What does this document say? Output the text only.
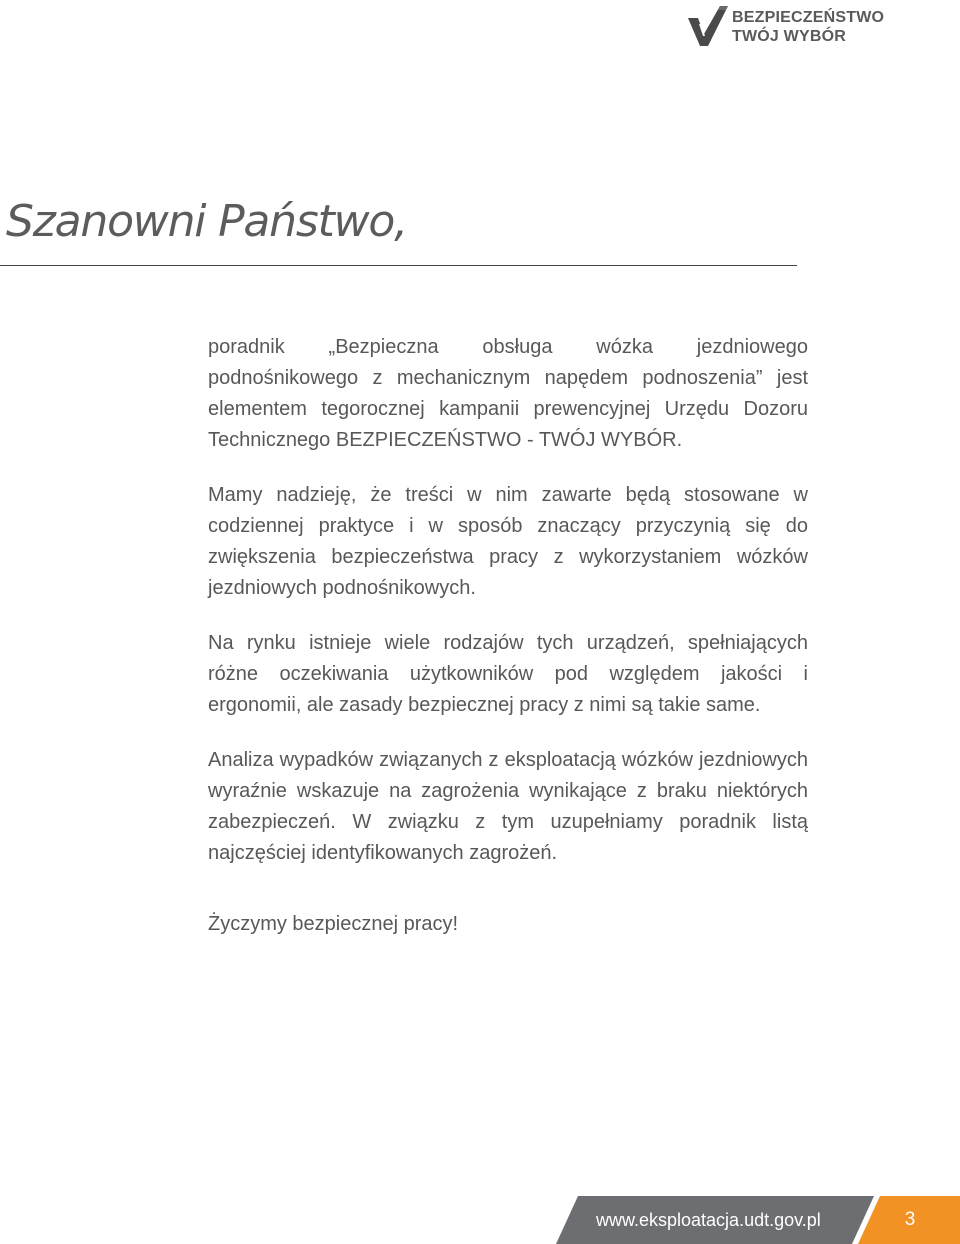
BEZPIECZEŃSTWO
TWÓJ WYBÓR
Szanowni Państwo,

poradnik „Bezpieczna obsługa wózka jezdniowego podnośnikowego z mechanicznym napędem podnoszenia” jest elementem tegorocznej kampanii prewencyjnej Urzędu Dozoru Technicznego BEZPIECZEŃSTWO - TWÓJ WYBÓR.

Mamy nadzieję, że treści w nim zawarte będą stosowane w codziennej praktyce i w sposób znaczący przyczynią się do zwiększenia bezpieczeństwa pracy z wykorzystaniem wózków jezdniowych podnośnikowych.

Na rynku istnieje wiele rodzajów tych urządzeń, spełniających różne oczekiwania użytkowników pod względem jakości i ergonomii, ale zasady bezpiecznej pracy z nimi są takie same.

Analiza wypadków związanych z eksploatacją wózków jezdniowych wyraźnie wskazuje na zagrożenia wynikające z braku niektórych zabezpieczeń. W związku z tym uzupełniamy poradnik listą najczęściej identyfikowanych zagrożeń.

Życzymy bezpiecznej pracy!

www.eksploatacja.udt.gov.pl	3
